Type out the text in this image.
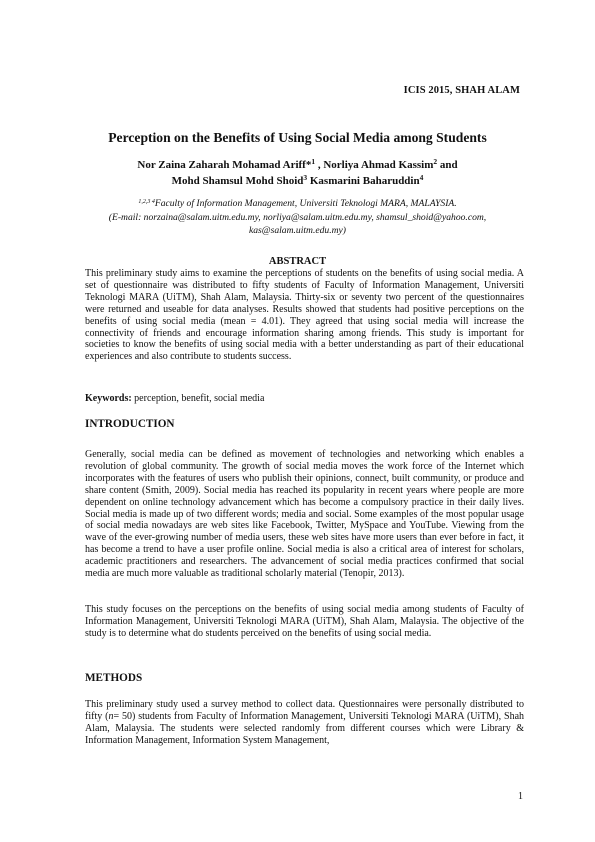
ICIS 2015, SHAH ALAM
Perception on the Benefits of Using Social Media among Students
Nor Zaina Zaharah Mohamad Ariff*$^1$ , Norliya Ahmad Kassim$^2$ and
Mohd Shamsul Mohd Shoid$^3$ Kasmarini Baharuddin$^4$
$^{1,2,3 4}$Faculty of Information Management, Universiti Teknologi MARA, MALAYSIA.
(E-mail: norzaina@salam.uitm.edu.my, norliya@salam.uitm.edu.my, shamsul_shoid@yahoo.com,
kas@salam.uitm.edu.my)
ABSTRACT
This preliminary study aims to examine the perceptions of students on the benefits of using social media. A set of questionnaire was distributed to fifty students of Faculty of Information Management, Universiti Teknologi MARA (UiTM), Shah Alam, Malaysia. Thirty-six or seventy two percent of the questionnaires were returned and useable for data analyses. Results showed that students had positive perceptions on the benefits of using social media (mean = 4.01). They agreed that using social media will increase the connectivity of friends and encourage information sharing among friends. This study is important for societies to know the benefits of using social media with a better understanding as part of their educational experiences and also contribute to students success.
Keywords: perception, benefit, social media
INTRODUCTION
Generally, social media can be defined as movement of technologies and networking which enables a revolution of global community. The growth of social media moves the work force of the Internet which incorporates with the features of users who publish their opinions, connect, built community, or produce and share content (Smith, 2009). Social media has reached its popularity in recent years where people are more dependent on online technology advancement which has become a compulsory practice in their daily lives. Social media is made up of two different words; media and social. Some examples of the most popular usage of social media nowadays are web sites like Facebook, Twitter, MySpace and YouTube. Viewing from the wave of the ever-growing number of media users, these web sites have more users than ever before in fact, it has become a trend to have a user profile online. Social media is also a critical area of interest for scholars, academic practitioners and researchers. The advancement of social media practices confirmed that social media are much more valuable as traditional scholarly material (Tenopir, 2013).
This study focuses on the perceptions on the benefits of using social media among students of Faculty of Information Management, Universiti Teknologi MARA (UiTM), Shah Alam, Malaysia. The objective of the study is to determine what do students perceived on the benefits of using social media.
METHODS
This preliminary study used a survey method to collect data. Questionnaires were personally distributed to fifty (n= 50) students from Faculty of Information Management, Universiti Teknologi MARA (UiTM), Shah Alam, Malaysia. The students were selected randomly from different courses which were Library & Information Management, Information System Management,
1
